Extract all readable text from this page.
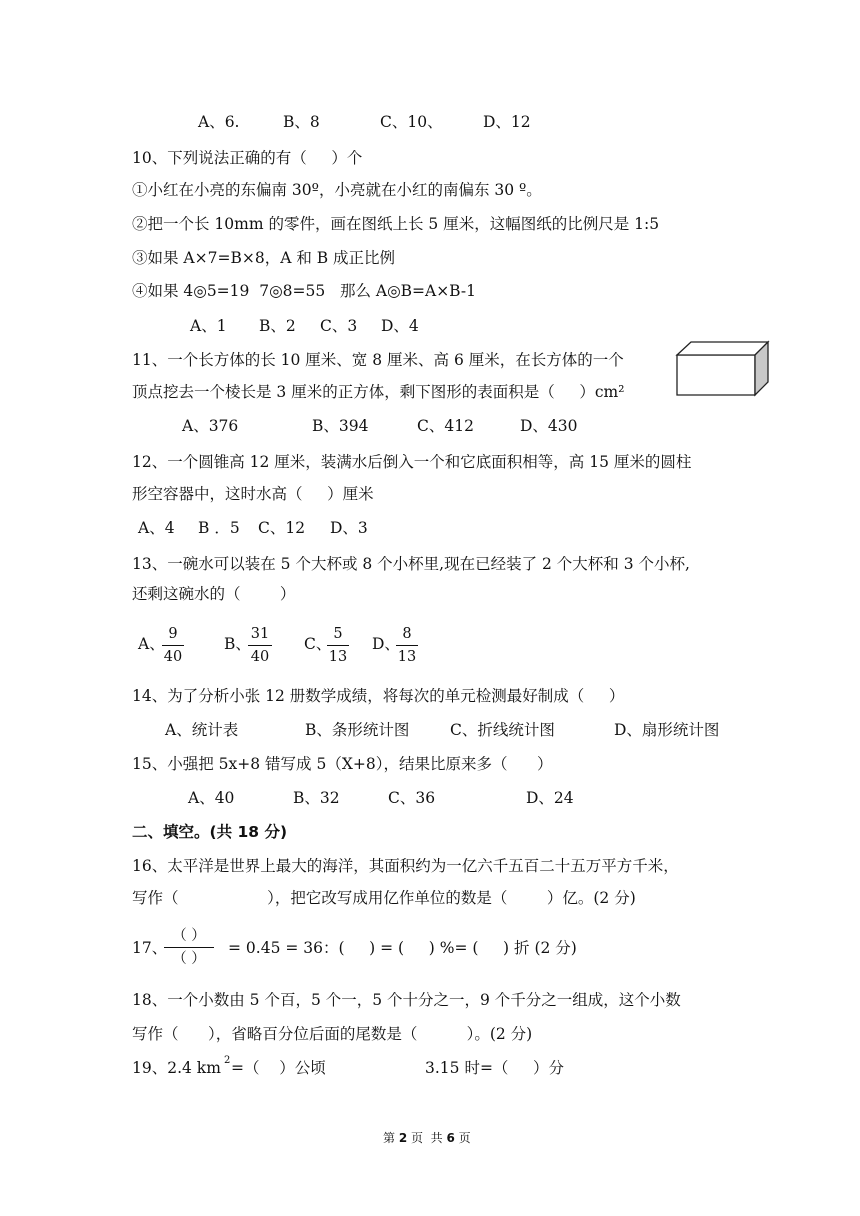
A、6.	B、8	C、10、	D、12
10、下列说法正确的有（     ）个
①小红在小亮的东偏南 30º，小亮就在小红的南偏东 30 º。
②把一个长 10mm 的零件，画在图纸上长 5 厘米，这幅图纸的比例尺是 1:5
③如果 A×7=B×8，A 和 B 成正比例
④如果 4◎5=19  7◎8=55   那么 A◎B=A×B-1
A、1 B、2 C、3 D、4
11、一个长方体的长 10 厘米、宽 8 厘米、高 6 厘米，在长方体的一个
顶点挖去一个棱长是 3 厘米的正方体，剩下图形的表面积是（     ）cm²
A、376	B、394	C、412	D、430
12、一个圆锥高 12 厘米，装满水后倒入一个和它底面积相等，高 15 厘米的圆柱
形空容器中，这时水高（     ）厘米
A、4 B ．5 C、12 D、3
13、一碗水可以装在 5 个大杯或 8 个小杯里,现在已经装了 2 个大杯和 3 个小杯,
还剩这碗水的（        ）
A、
9
40
B、
31
40
C、
5
13
D、
8
13
14、为了分析小张 12 册数学成绩，将每次的单元检测最好制成（     ）
A、统计表	B、条形统计图	C、折线统计图	D、扇形统计图
15、小强把 5x+8 错写成 5（X+8），结果比原来多（      ）
A、40	B、32	C、36	D、24
二、填空。(共 18 分)
16、太平洋是世界上最大的海洋，其面积约为一亿六千五百二十五万平方千米，
写作（                  ），把它改写成用亿作单位的数是（        ）亿。(2 分)
17、
（ ）
（ ）
= 0.45 = 36：(     ) = (     ) %= (     ) 折 (2 分)
18、一个小数由 5 个百，5 个一，5 个十分之一，9 个千分之一组成，这个小数
写作（      ），省略百分位后面的尾数是（          ）。(2 分)
19、2.4 km 2 =（    ）公顷	3.15 时=（     ）分
第 2 页  共 6 页
